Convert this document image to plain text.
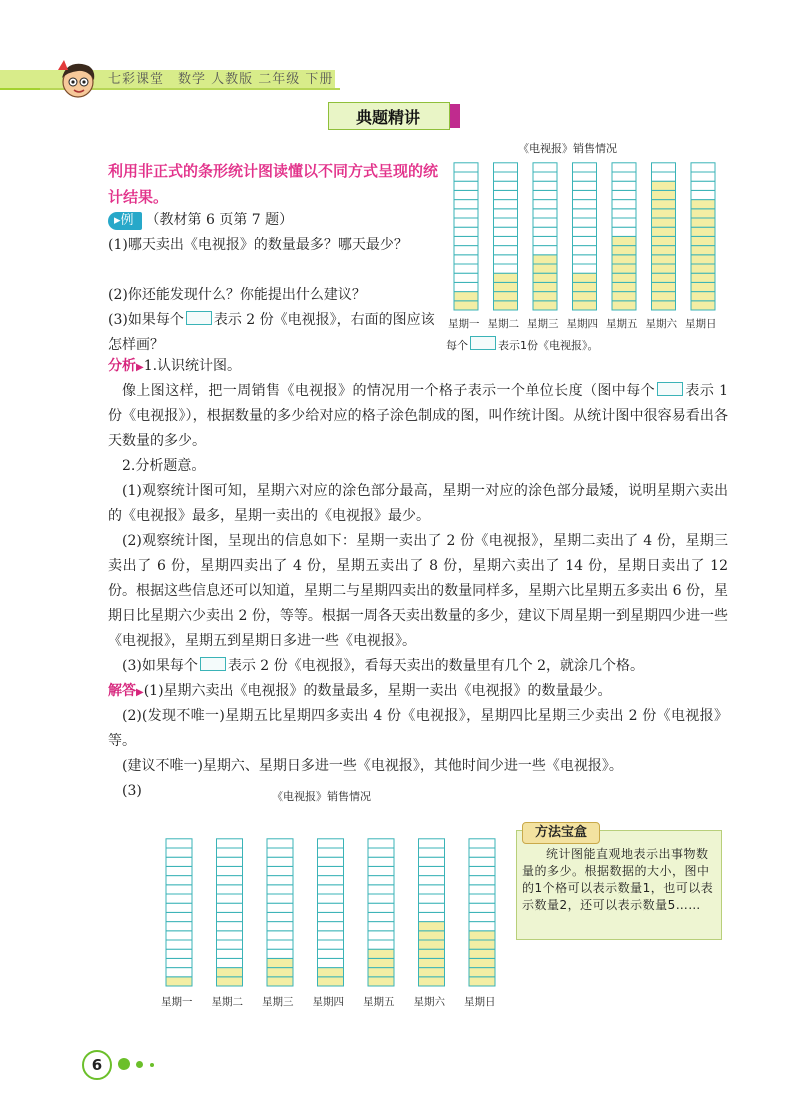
七彩课堂　数学 人教版 二年级 下册
典题精讲
利用非正式的条形统计图读懂以不同方式呈现的统计结果。
▸例 （教材第 6 页第 7 题）
(1)哪天卖出《电视报》的数量最多？哪天最少？
(2)你还能发现什么？你能提出什么建议？
(3)如果每个 表示 2 份《电视报》，右面的图应该怎样画？
《电视报》销售情况
星期一 星期二 星期三 星期四 星期五 星期六 星期日
每个	表示1份《电视报》。
分析▶1.认识统计图。
像上图这样，把一周销售《电视报》的情况用一个格子表示一个单位长度（图中每个 表示 1 份《电视报》），根据数量的多少给对应的格子涂色制成的图，叫作统计图。从统计图中很容易看出各天数量的多少。
2.分析题意。
(1)观察统计图可知，星期六对应的涂色部分最高，星期一对应的涂色部分最矮，说明星期六卖出的《电视报》最多，星期一卖出的《电视报》最少。
(2)观察统计图，呈现出的信息如下：星期一卖出了 2 份《电视报》，星期二卖出了 4 份，星期三卖出了 6 份，星期四卖出了 4 份，星期五卖出了 8 份，星期六卖出了 14 份，星期日卖出了 12 份。根据这些信息还可以知道，星期二与星期四卖出的数量同样多，星期六比星期五多卖出 6 份，星期日比星期六少卖出 2 份，等等。根据一周各天卖出数量的多少，建议下周星期一到星期四少进一些《电视报》，星期五到星期日多进一些《电视报》。
(3)如果每个 表示 2 份《电视报》，看每天卖出的数量里有几个 2，就涂几个格。
解答▶(1)星期六卖出《电视报》的数量最多，星期一卖出《电视报》的数量最少。
(2)(发现不唯一)星期五比星期四多卖出 4 份《电视报》，星期四比星期三少卖出 2 份《电视报》等。
(建议不唯一)星期六、星期日多进一些《电视报》，其他时间少进一些《电视报》。
(3)	《电视报》销售情况
星期一 星期二 星期三 星期四 星期五 星期六 星期日
方法宝盒
统计图能直观地表示出事物数量的多少。根据数据的大小，图中的1个格可以表示数量1，也可以表示数量2，还可以表示数量5……
6
